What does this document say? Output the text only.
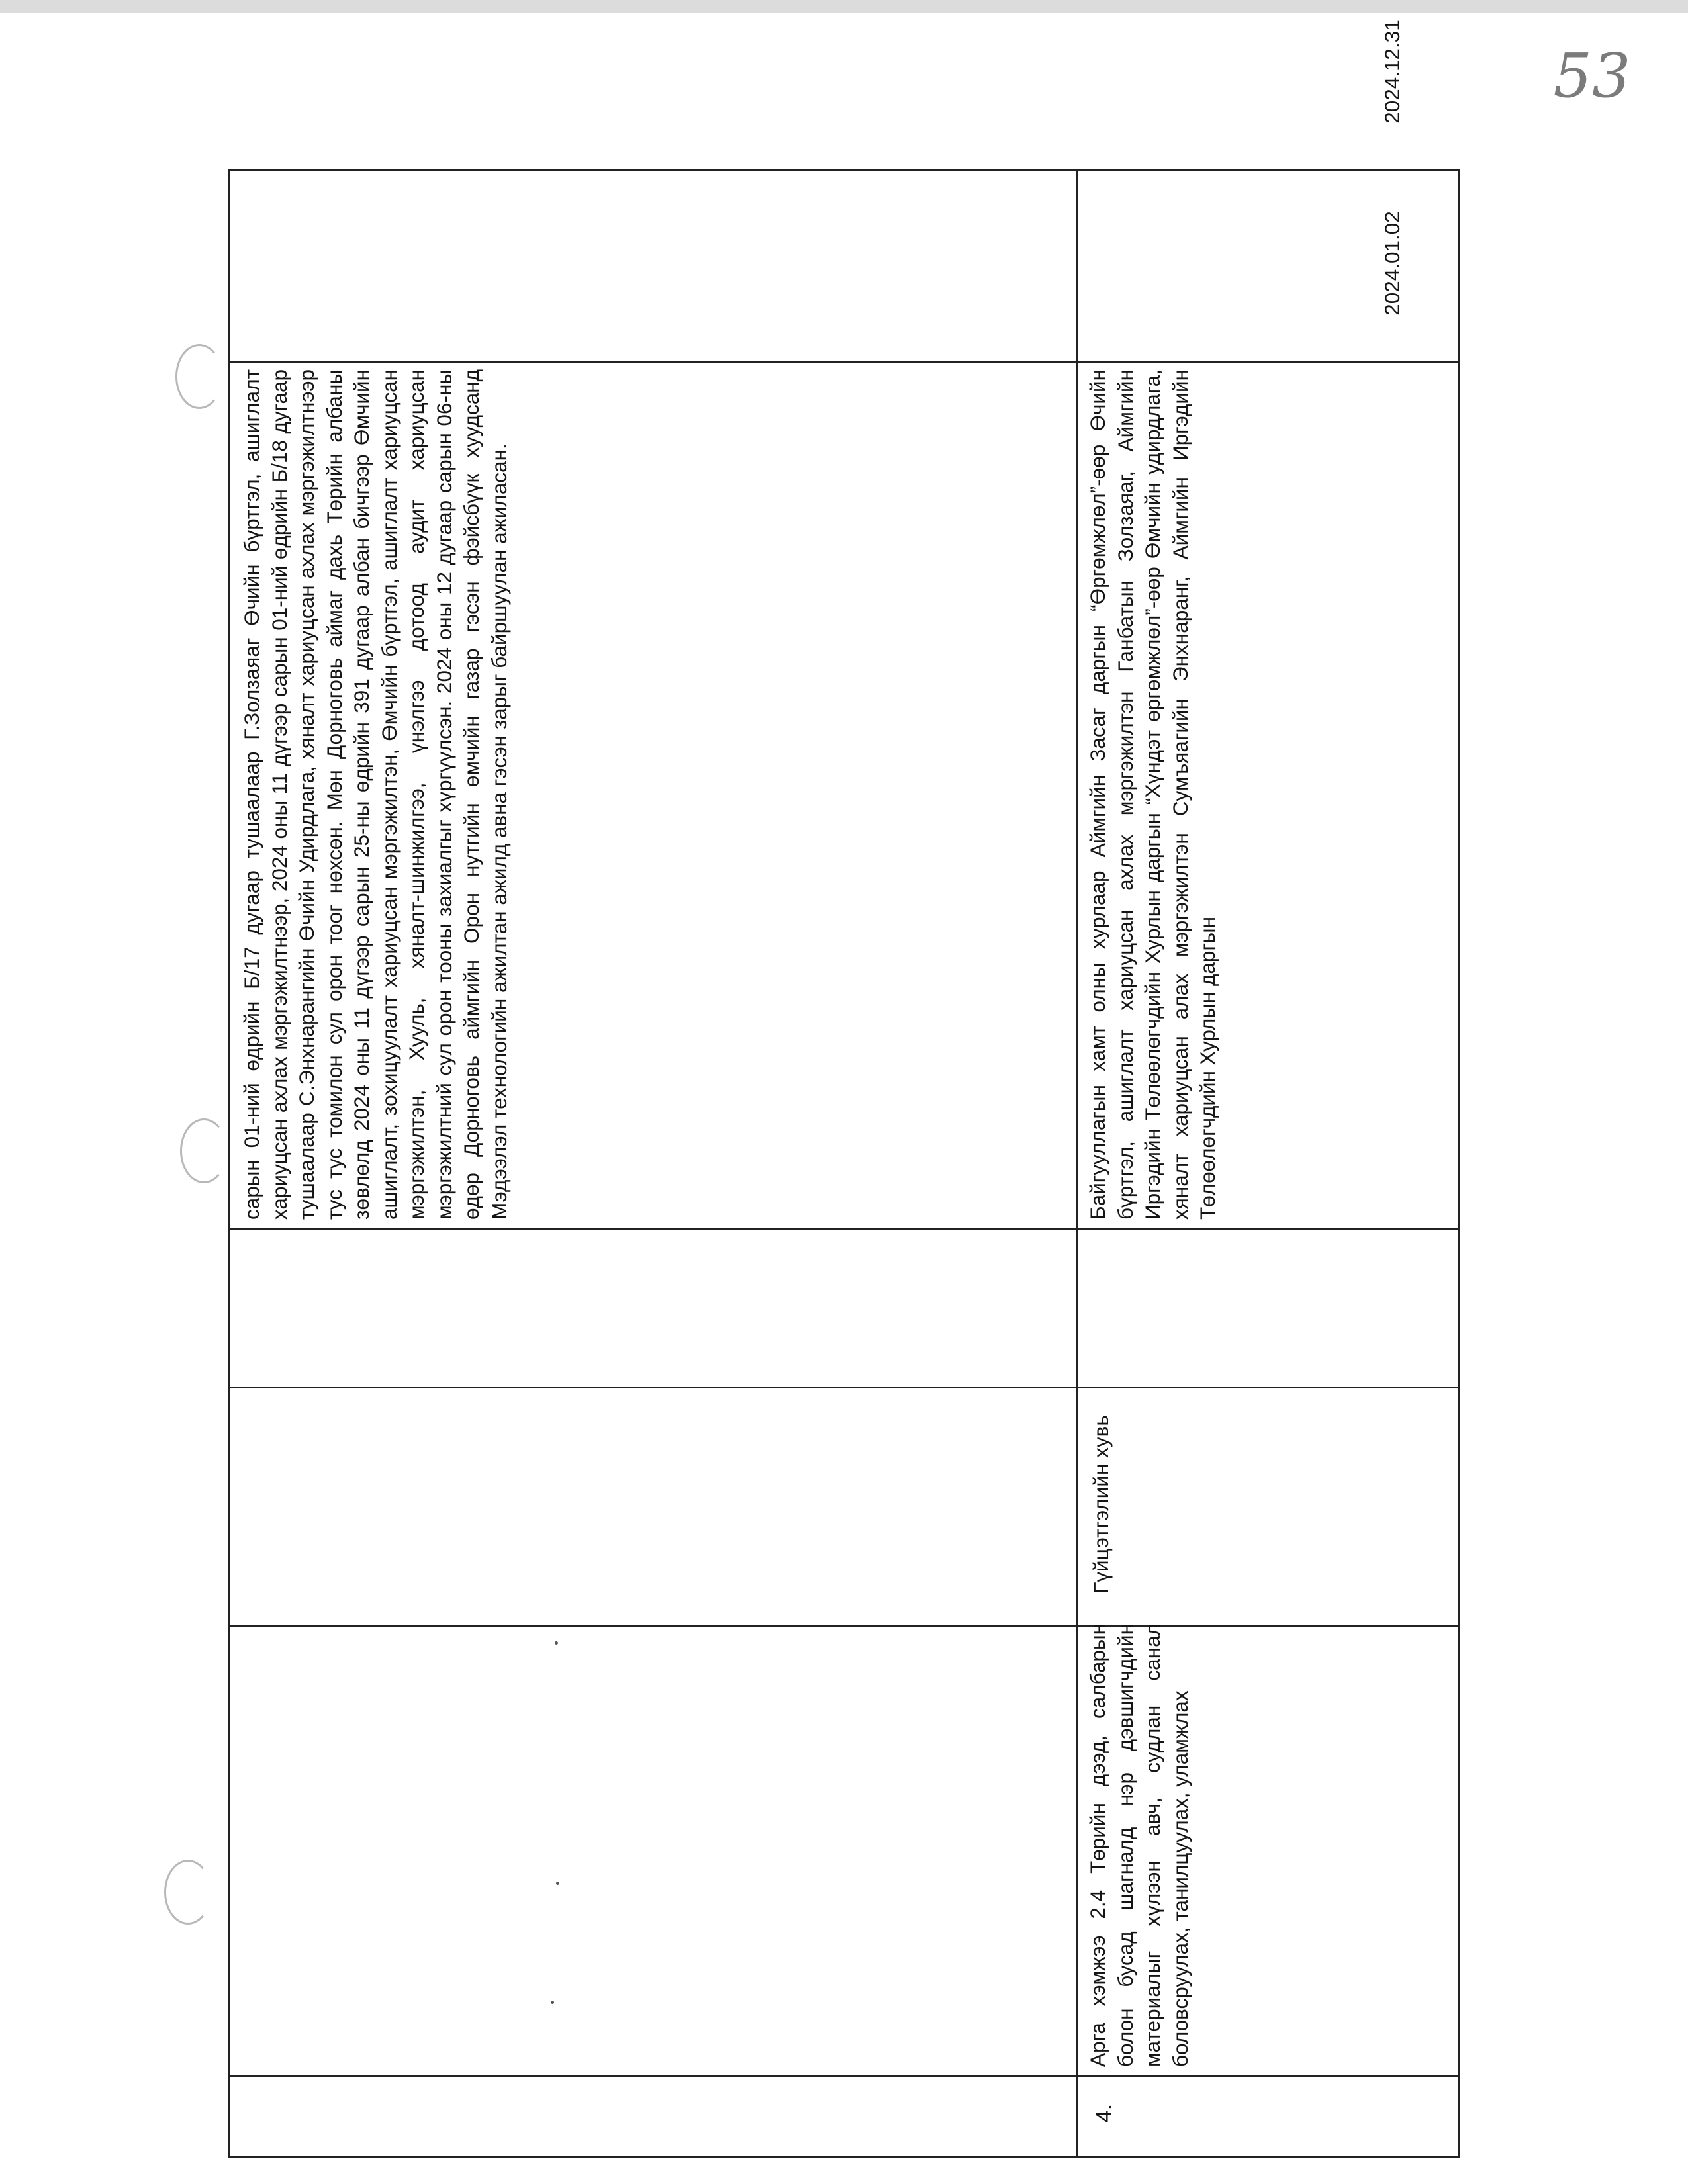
53
сарын 01-ний өдрийн Б/17 дугаар тушаалаар Г.Золзаяаг Өчийн бүртгэл, ашиглалт хариуцсан ахлах мэргэжилтнээр, 2024 оны 11 дүгээр сарын 01-ний өдрийн Б/18 дугаар тушаалаар С.Энхнарангийн Өчийн Удирдлага, хяналт хариуцсан ахлах мэргэжилтнээр тус тус томилон сул орон тоог нөхсөн. Мөн Дорноговь аймаг дахь Төрийн албаны зөвлөлд 2024 оны 11 дүгээр сарын 25-ны өдрийн 391 дугаар албан бичгээр Өмчийн ашиглалт, зохицуулалт хариуцсан мэргэжилтэн, Өмчийн бүртгэл, ашиглалт хариуцсан мэргэжилтэн, Хууль, хяналт-шинжилгээ, үнэлгээ дотоод аудит хариуцсан мэргэжилтний сул орон тооны захиалгыг хүргүүлсэн. 2024 оны 12 дугаар сарын 06-ны өдөр Дорноговь аймгийн Орон нутгийн өмчийн газар гэсэн фэйсбүүк хуудсанд Мэдээлэл технологийн ажилтан ажилд авна гэсэн зарыг байршуулан ажиласан.
4.
Арга хэмжээ 2.4 Төрийн дээд, салбарын болон бусад шагналд нэр дэвшигчдийн материалыг хүлээн авч, судлан санал боловсруулах, танилцуулах, уламжлах
Гүйцэтгэлийн хувь
Байгууллагын хамт олны хурлаар Аймгийн Засаг даргын “Өргөмжлөл”-өөр Өчийн бүртгэл, ашиглалт хариуцсан ахлах мэргэжилтэн Ганбатын Золзаяаг, Аймгийн Иргэдийн Төлөөлөгчдийн Хурлын даргын “Хүндэт өргөмжлөл”-өөр Өмчийн удирдлага, хяналт хариуцсан алах мэргэжилтэн Сумъяагийн Энхнаранг, Аймгийн Иргэдийн Төлөөлөгчдийн Хурлын даргын
2024.01.02
2024.12.31
